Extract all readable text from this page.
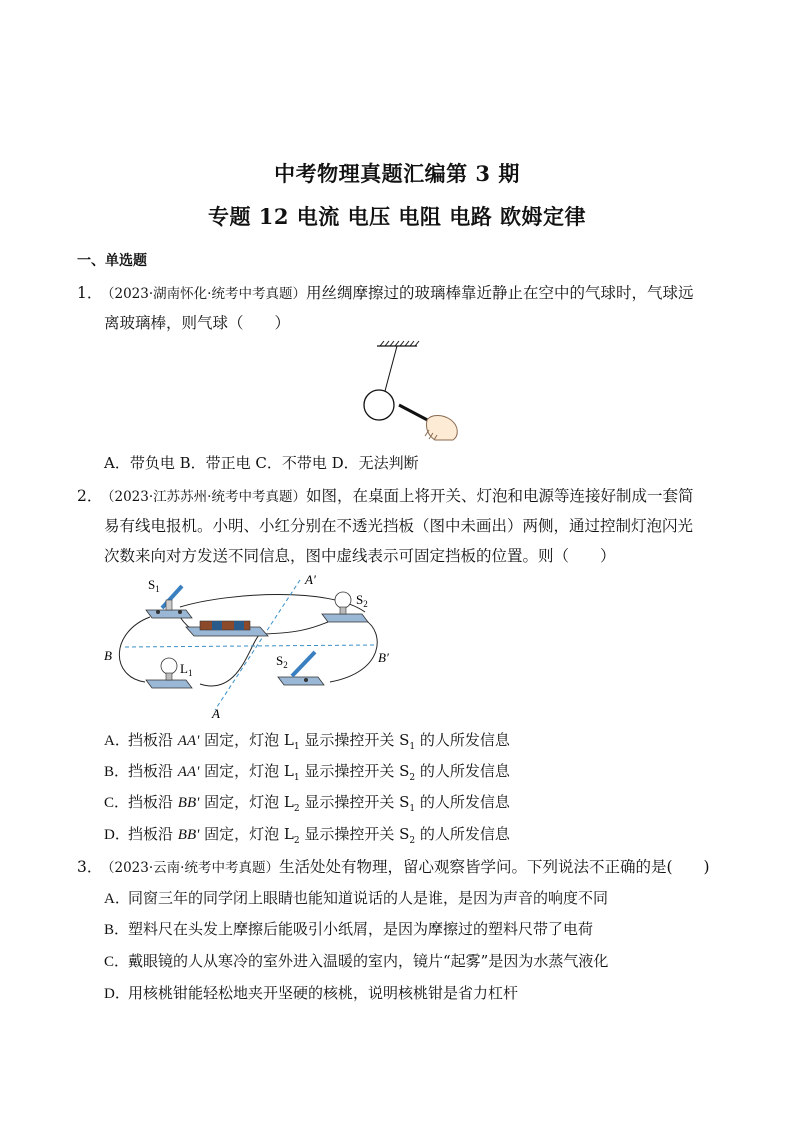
中考物理真题汇编第 3 期
专题 12 电流 电压 电阻 电路 欧姆定律
一、单选题
1．（2023·湖南怀化·统考中考真题）用丝绸摩擦过的玻璃棒靠近静止在空中的气球时，气球远
离玻璃棒，则气球（　　）
A．带负电 B．带正电 C．不带电 D．无法判断
2．（2023·江苏苏州·统考中考真题）如图，在桌面上将开关、灯泡和电源等连接好制成一套简
易有线电报机。小明、小红分别在不透光挡板（图中未画出）两侧，通过控制灯泡闪光
次数来向对方发送不同信息，图中虚线表示可固定挡板的位置。则（　　）
$S_1$
$S_2$
$S_2$
$L_1$
A′
A
B	B′
A．挡板沿 AA' 固定，灯泡 $L_1$ 显示操控开关 $S_1$ 的人所发信息
B．挡板沿 AA' 固定，灯泡 $L_1$ 显示操控开关 $S_2$ 的人所发信息
C．挡板沿 BB' 固定，灯泡 $L_2$ 显示操控开关 $S_1$ 的人所发信息
D．挡板沿 BB' 固定，灯泡 $L_2$ 显示操控开关 $S_2$ 的人所发信息
3．（2023·云南·统考中考真题）生活处处有物理，留心观察皆学问。下列说法不正确的是(　　)
A．同窗三年的同学闭上眼睛也能知道说话的人是谁，是因为声音的响度不同
B．塑料尺在头发上摩擦后能吸引小纸屑，是因为摩擦过的塑料尺带了电荷
C．戴眼镜的人从寒冷的室外进入温暖的室内，镜片“起雾”是因为水蒸气液化
D．用核桃钳能轻松地夹开坚硬的核桃，说明核桃钳是省力杠杆
